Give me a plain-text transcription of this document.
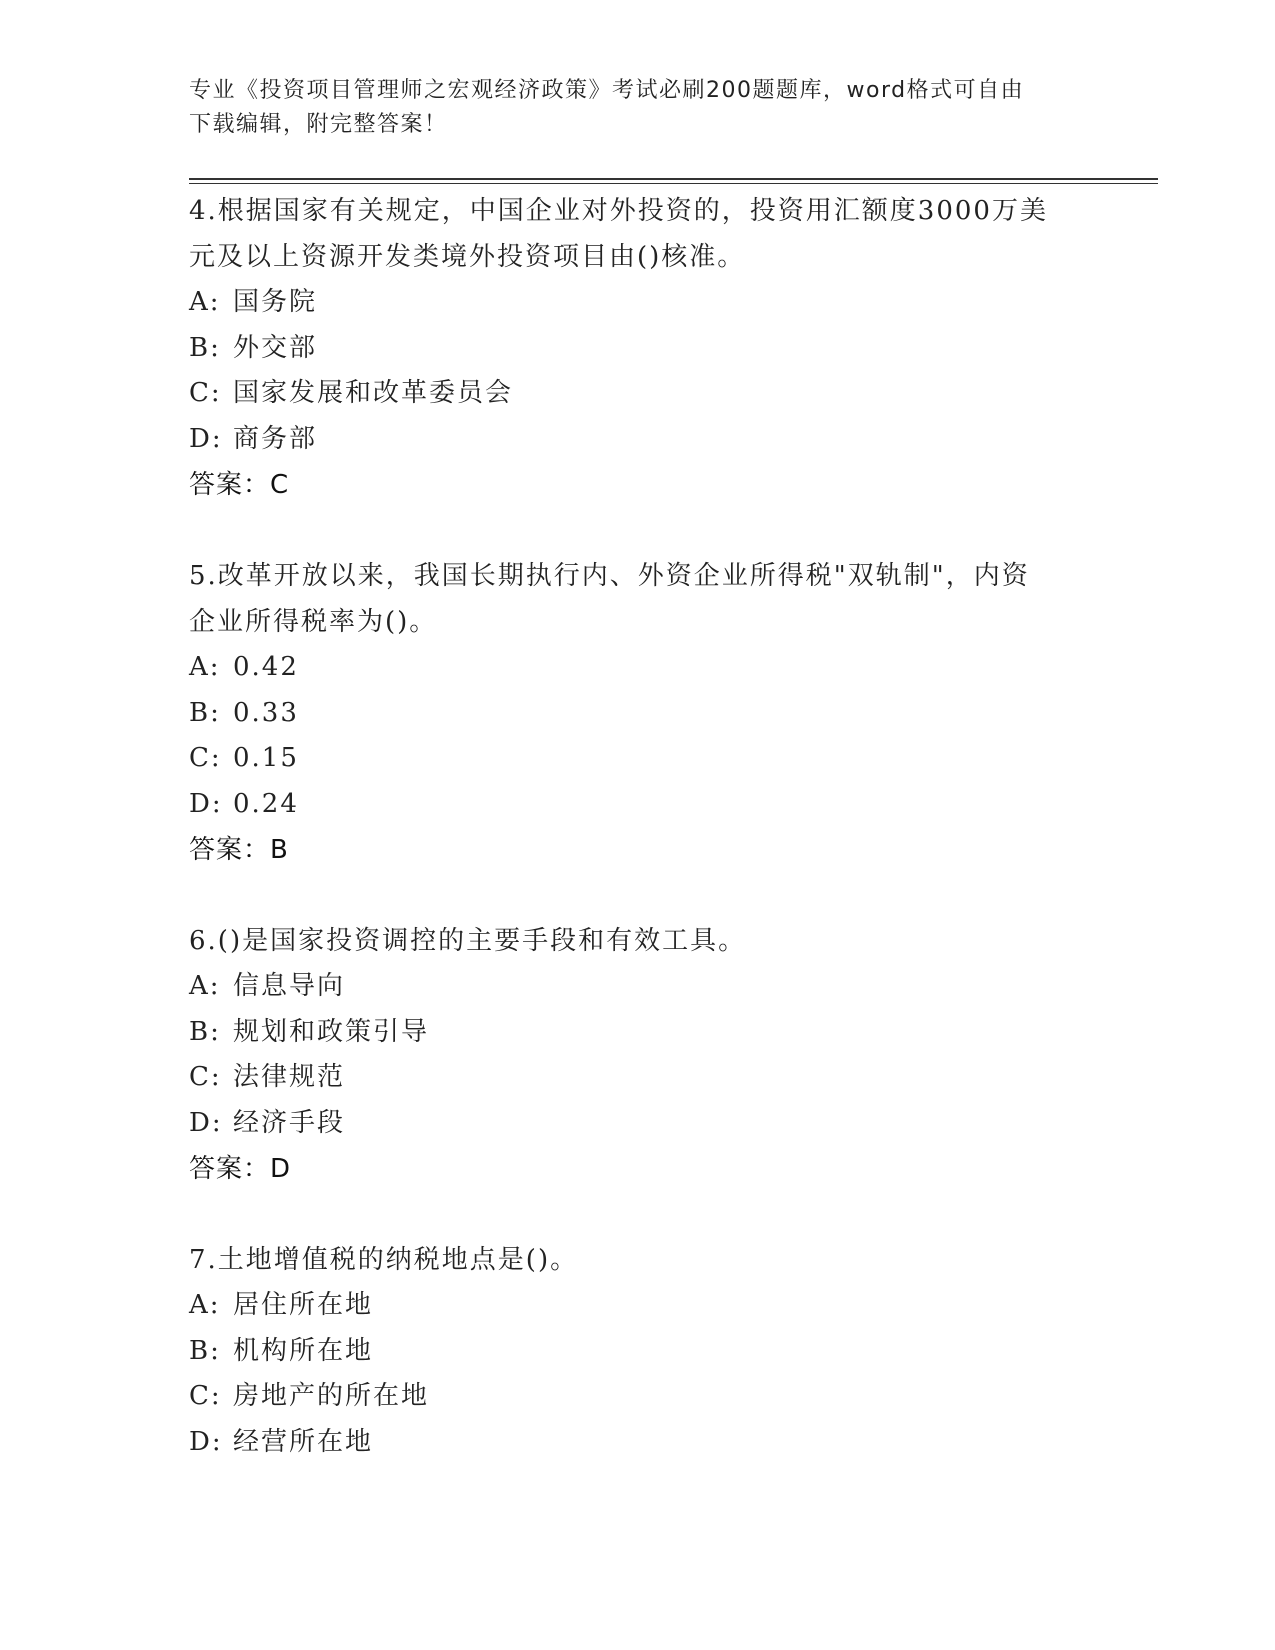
专业《投资项目管理师之宏观经济政策》考试必刷200题题库，word格式可自由
下载编辑，附完整答案！

4.根据国家有关规定，中国企业对外投资的，投资用汇额度3000万美

元及以上资源开发类境外投资项目由()核准。

A: 国务院

B: 外交部

C: 国家发展和改革委员会

D: 商务部

答案：C

5.改革开放以来，我国长期执行内、外资企业所得税"双轨制"，内资

企业所得税率为()。

A: 0.42

B: 0.33

C: 0.15

D: 0.24

答案：B

6.()是国家投资调控的主要手段和有效工具。

A: 信息导向

B: 规划和政策引导

C: 法律规范

D: 经济手段

答案：D

7.土地增值税的纳税地点是()。

A: 居住所在地

B: 机构所在地

C: 房地产的所在地

D: 经营所在地
